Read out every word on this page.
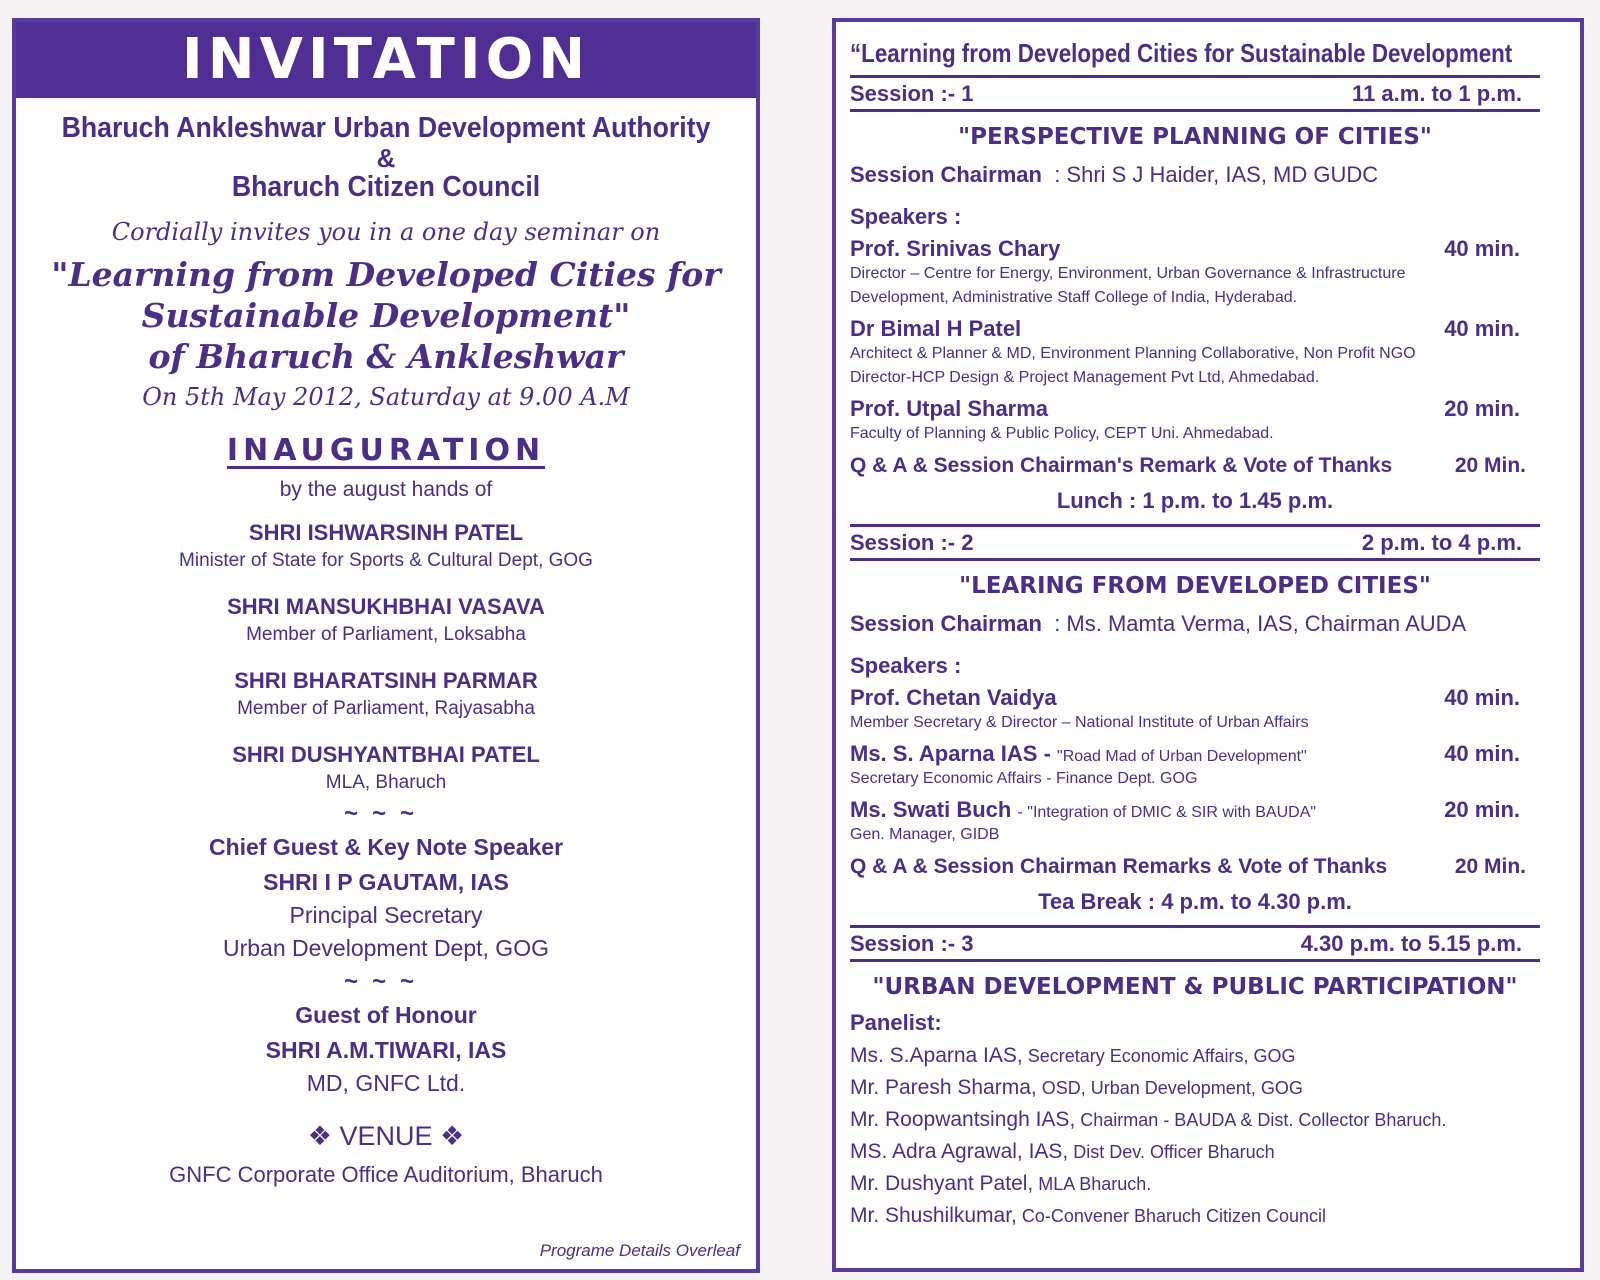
INVITATION
Bharuch Ankleshwar Urban Development Authority
&
Bharuch Citizen Council
Cordially invites you in a one day seminar on
"Learning from Developed Cities for
Sustainable Development"
of Bharuch & Ankleshwar
On 5th May 2012, Saturday at 9.00 A.M
INAUGURATION
by the august hands of
SHRI ISHWARSINH PATEL
Minister of State for Sports & Cultural Dept, GOG
SHRI MANSUKHBHAI VASAVA
Member of Parliament, Loksabha
SHRI BHARATSINH PARMAR
Member of Parliament, Rajyasabha
SHRI DUSHYANTBHAI PATEL
MLA, Bharuch
~~~
Chief Guest & Key Note Speaker
SHRI I P GAUTAM, IAS
Principal Secretary
Urban Development Dept, GOG
~~~
Guest of Honour
SHRI A.M.TIWARI, IAS
MD, GNFC Ltd.
❖ VENUE ❖
GNFC Corporate Office Auditorium, Bharuch
Programe Details Overleaf
“Learning from Developed Cities for Sustainable Development
Session :- 1	11 a.m. to 1 p.m.
"PERSPECTIVE PLANNING OF CITIES"
Session Chairman : Shri S J Haider, IAS, MD GUDC
Speakers :
Prof. Srinivas Chary	40 min.
Director – Centre for Energy, Environment, Urban Governance & Infrastructure
Development, Administrative Staff College of India, Hyderabad.
Dr Bimal H Patel	40 min.
Architect & Planner & MD, Environment Planning Collaborative, Non Profit NGO
Director-HCP Design & Project Management Pvt Ltd, Ahmedabad.
Prof. Utpal Sharma	20 min.
Faculty of Planning & Public Policy, CEPT Uni. Ahmedabad.
Q & A & Session Chairman's Remark & Vote of Thanks	20 Min.
Lunch : 1 p.m. to 1.45 p.m.
Session :- 2	2 p.m. to 4 p.m.
"LEARING FROM DEVELOPED CITIES"
Session Chairman : Ms. Mamta Verma, IAS, Chairman AUDA
Speakers :
Prof. Chetan Vaidya	40 min.
Member Secretary & Director – National Institute of Urban Affairs
Ms. S. Aparna IAS - "Road Mad of Urban Development"	40 min.
Secretary Economic Affairs - Finance Dept. GOG
Ms. Swati Buch - "Integration of DMIC & SIR with BAUDA"	20 min.
Gen. Manager, GIDB
Q & A & Session Chairman Remarks & Vote of Thanks	20 Min.
Tea Break : 4 p.m. to 4.30 p.m.
Session :- 3	4.30 p.m. to 5.15 p.m.
"URBAN DEVELOPMENT & PUBLIC PARTICIPATION"
Panelist:
Ms. S.Aparna IAS, Secretary Economic Affairs, GOG
Mr. Paresh Sharma, OSD, Urban Development, GOG
Mr. Roopwantsingh IAS, Chairman - BAUDA & Dist. Collector Bharuch.
MS. Adra Agrawal, IAS, Dist Dev. Officer Bharuch
Mr. Dushyant Patel, MLA Bharuch.
Mr. Shushilkumar, Co-Convener Bharuch Citizen Council
